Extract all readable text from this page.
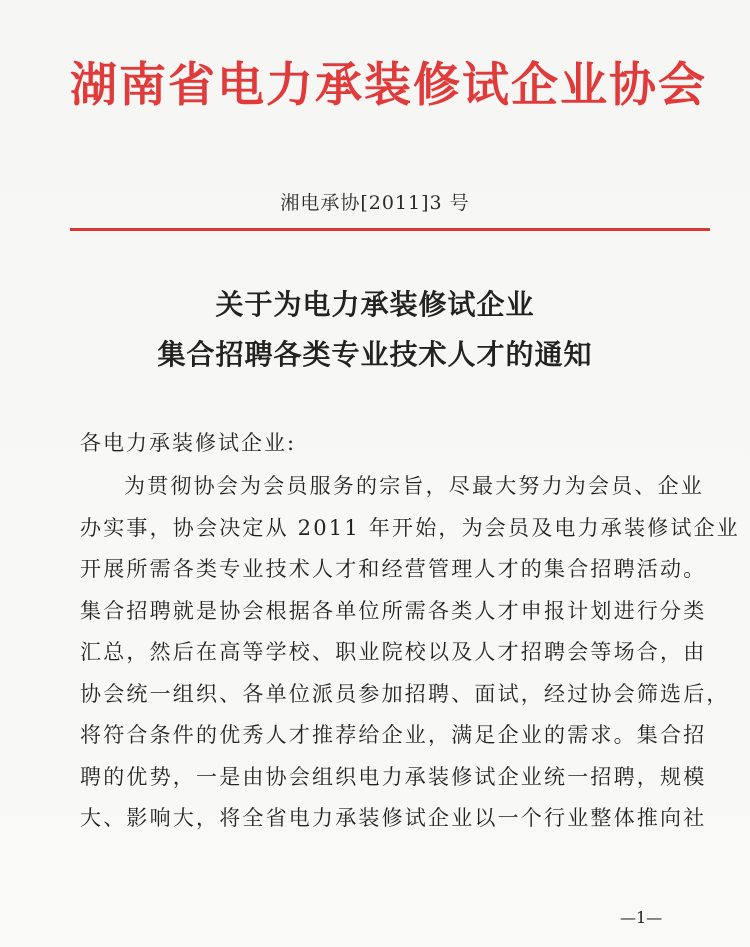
湖南省电力承装修试企业协会
湘电承协[2011]3 号
关于为电力承装修试企业
集合招聘各类专业技术人才的通知
各电力承装修试企业:
为贯彻协会为会员服务的宗旨，尽最大努力为会员、企业
办实事，协会决定从 2011 年开始，为会员及电力承装修试企业
开展所需各类专业技术人才和经营管理人才的集合招聘活动。
集合招聘就是协会根据各单位所需各类人才申报计划进行分类
汇总，然后在高等学校、职业院校以及人才招聘会等场合，由
协会统一组织、各单位派员参加招聘、面试，经过协会筛选后，
将符合条件的优秀人才推荐给企业，满足企业的需求。集合招
聘的优势，一是由协会组织电力承装修试企业统一招聘，规模
大、影响大，将全省电力承装修试企业以一个行业整体推向社
—1—
